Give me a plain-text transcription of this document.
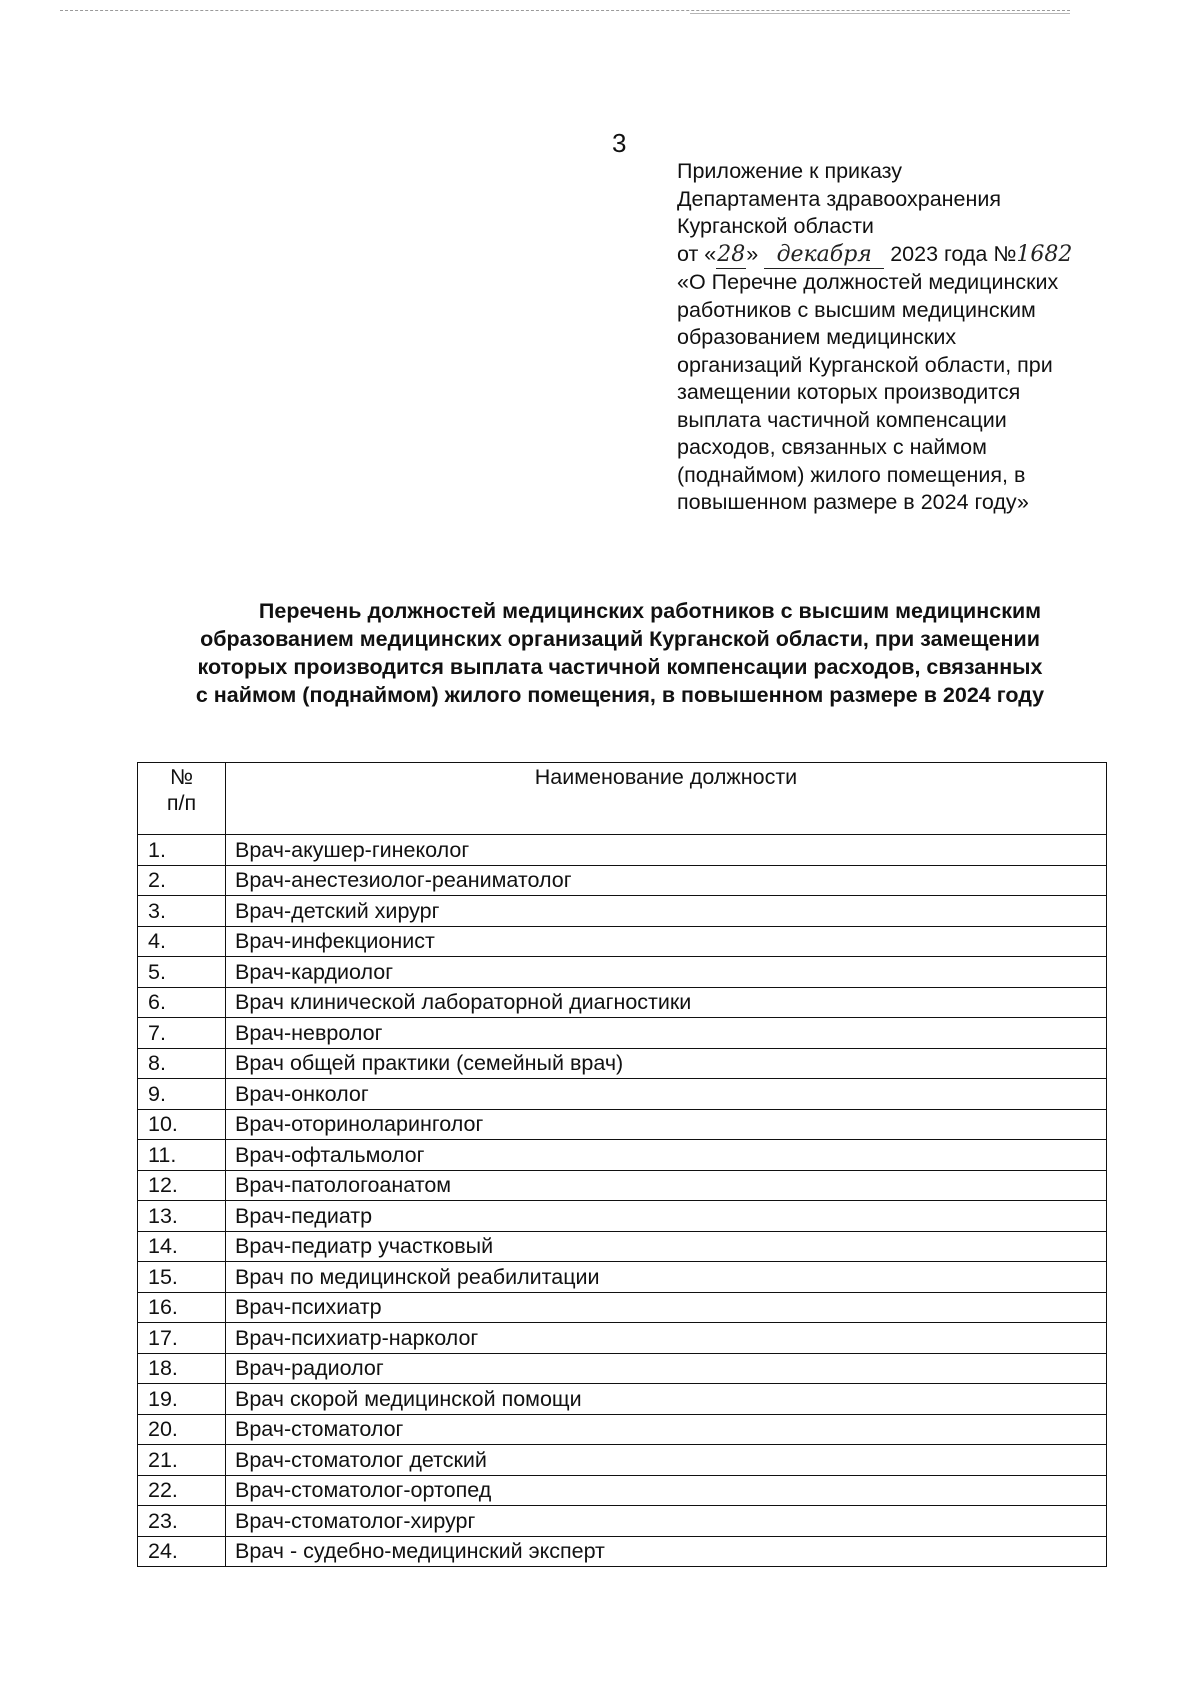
3
Приложение к приказу
Департамента здравоохранения
Курганской области
от «28» декабря 2023 года №1682
«О Перечне должностей медицинских
работников с высшим медицинским
образованием медицинских
организаций Курганской области, при
замещении которых производится
выплата частичной компенсации
расходов, связанных с наймом
(поднаймом) жилого помещения, в
повышенном размере в 2024 году»
Перечень должностей медицинских работников с высшим медицинским
образованием медицинских организаций Курганской области, при замещении
которых производится выплата частичной компенсации расходов, связанных
с наймом (поднаймом) жилого помещения, в повышенном размере в 2024 году
№
п/п	Наименование должности
1.	Врач-акушер-гинеколог
2.	Врач-анестезиолог-реаниматолог
3.	Врач-детский хирург
4.	Врач-инфекционист
5.	Врач-кардиолог
6.	Врач клинической лабораторной диагностики
7.	Врач-невролог
8.	Врач общей практики (семейный врач)
9.	Врач-онколог
10.	Врач-оториноларинголог
11.	Врач-офтальмолог
12.	Врач-патологоанатом
13.	Врач-педиатр
14.	Врач-педиатр участковый
15.	Врач по медицинской реабилитации
16.	Врач-психиатр
17.	Врач-психиатр-нарколог
18.	Врач-радиолог
19.	Врач скорой медицинской помощи
20.	Врач-стоматолог
21.	Врач-стоматолог детский
22.	Врач-стоматолог-ортопед
23.	Врач-стоматолог-хирург
24.	Врач - судебно-медицинский эксперт
